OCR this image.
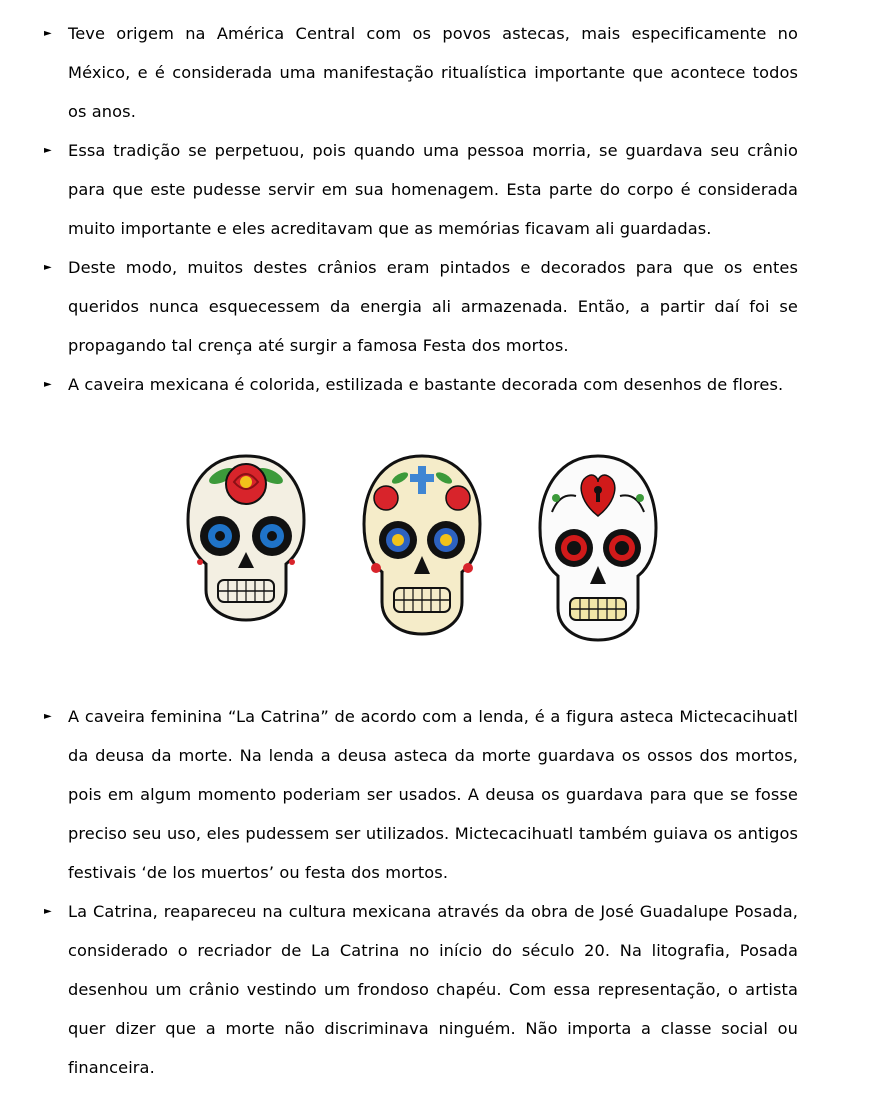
► Teve origem na América Central com os povos astecas, mais especificamente no México, e é considerada uma manifestação ritualística importante que acontece todos os anos.
► Essa tradição se perpetuou, pois quando uma pessoa morria, se guardava seu crânio para que este pudesse servir em sua homenagem. Esta parte do corpo é considerada muito importante e eles acreditavam que as memórias ficavam ali guardadas.
► Deste modo, muitos destes crânios eram pintados e decorados para que os entes queridos nunca esquecessem da energia ali armazenada. Então, a partir daí foi se propagando tal crença até surgir a famosa Festa dos mortos.
► A caveira mexicana é colorida, estilizada e bastante decorada com desenhos de flores.
► A caveira feminina “La Catrina” de acordo com a lenda, é a figura asteca Mictecacihuatl da deusa da morte. Na lenda a deusa asteca da morte guardava os ossos dos mortos, pois em algum momento poderiam ser usados. A deusa os guardava para que se fosse preciso seu uso, eles pudessem ser utilizados. Mictecacihuatl também guiava os antigos festivais ‘de los muertos’ ou festa dos mortos.
► La Catrina, reapareceu na cultura mexicana através da obra de José Guadalupe Posada, considerado o recriador de La Catrina no início do século 20. Na litografia, Posada desenhou um crânio vestindo um frondoso chapéu. Com essa representação, o artista quer dizer que a morte não discriminava ninguém. Não importa a classe social ou financeira.
